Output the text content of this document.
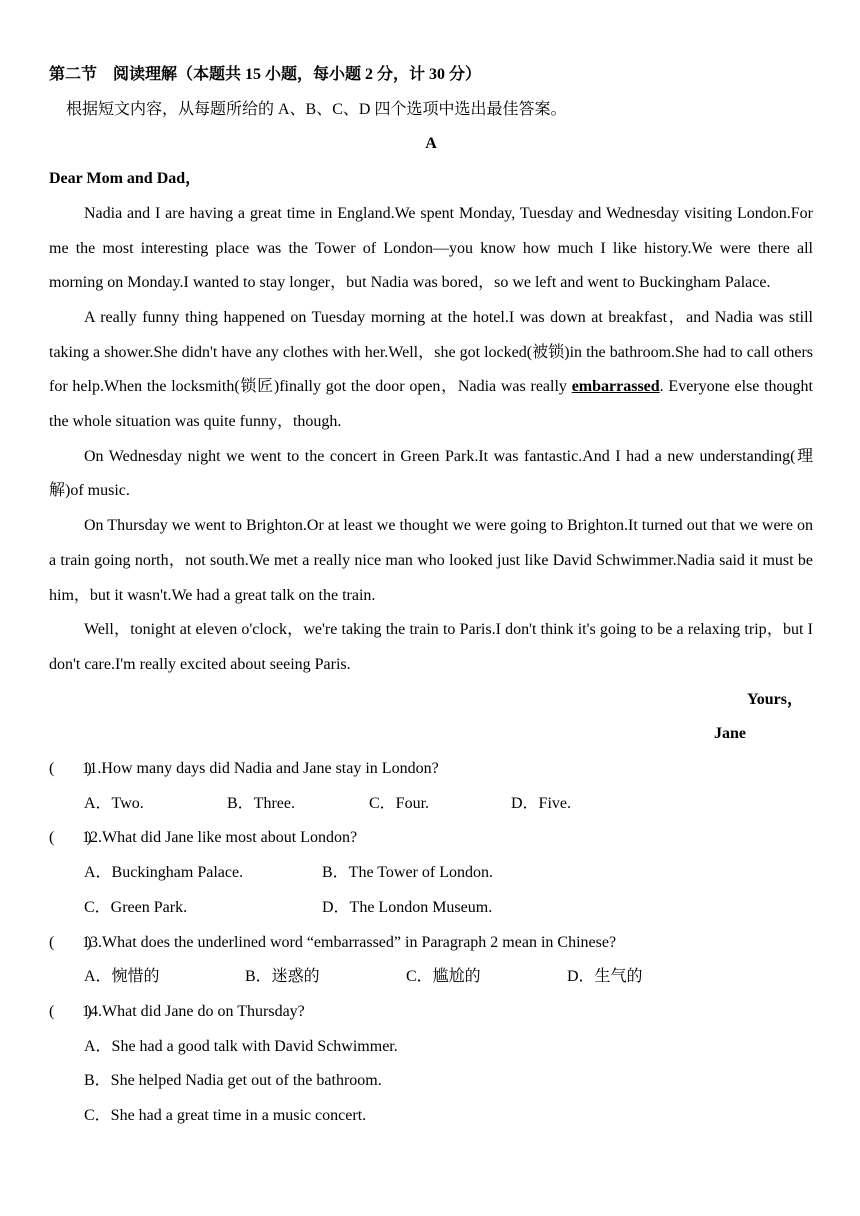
第二节　阅读理解（本题共 15 小题，每小题 2 分，计 30 分）

根据短文内容，从每题所给的 A、B、C、D 四个选项中选出最佳答案。

A

Dear Mom and Dad，

Nadia and I are having a great time in England.We spent Monday, Tuesday and Wednesday visiting London.For me the most interesting place was the Tower of London—you know how much I like history.We were there all morning on Monday.I wanted to stay longer，but Nadia was bored，so we left and went to Buckingham Palace.

A really funny thing happened on Tuesday morning at the hotel.I was down at breakfast，and Nadia was still taking a shower.She didn't have any clothes with her.Well，she got locked(被锁)in the bathroom.She had to call others for help.When the locksmith(锁匠)finally got the door open，Nadia was really embarrassed. Everyone else thought the whole situation was quite funny，though.

On Wednesday night we went to the concert in Green Park.It was fantastic.And I had a new understanding(理解)of music.

On Thursday we went to Brighton.Or at least we thought we were going to Brighton.It turned out that we were on a train going north，not south.We met a really nice man who looked just like David Schwimmer.Nadia said it must be him，but it wasn't.We had a great talk on the train.

Well，tonight at eleven o'clock，we're taking the train to Paris.I don't think it's going to be a relaxing trip，but I don't care.I'm really excited about seeing Paris.

Yours，

Jane

(　　)11.How many days did Nadia and Jane stay in London?

A．Two.	B．Three.	C．Four.	D．Five.

(　　)12.What did Jane like most about London?

A．Buckingham Palace.	B．The Tower of London.

C．Green Park.	D．The London Museum.

(　　)13.What does the underlined word “embarrassed” in Paragraph 2 mean in Chinese?

A．惋惜的	B．迷惑的	C．尴尬的	D．生气的

(　　)14.What did Jane do on Thursday?

A．She had a good talk with David Schwimmer.

B．She helped Nadia get out of the bathroom.

C．She had a great time in a music concert.
